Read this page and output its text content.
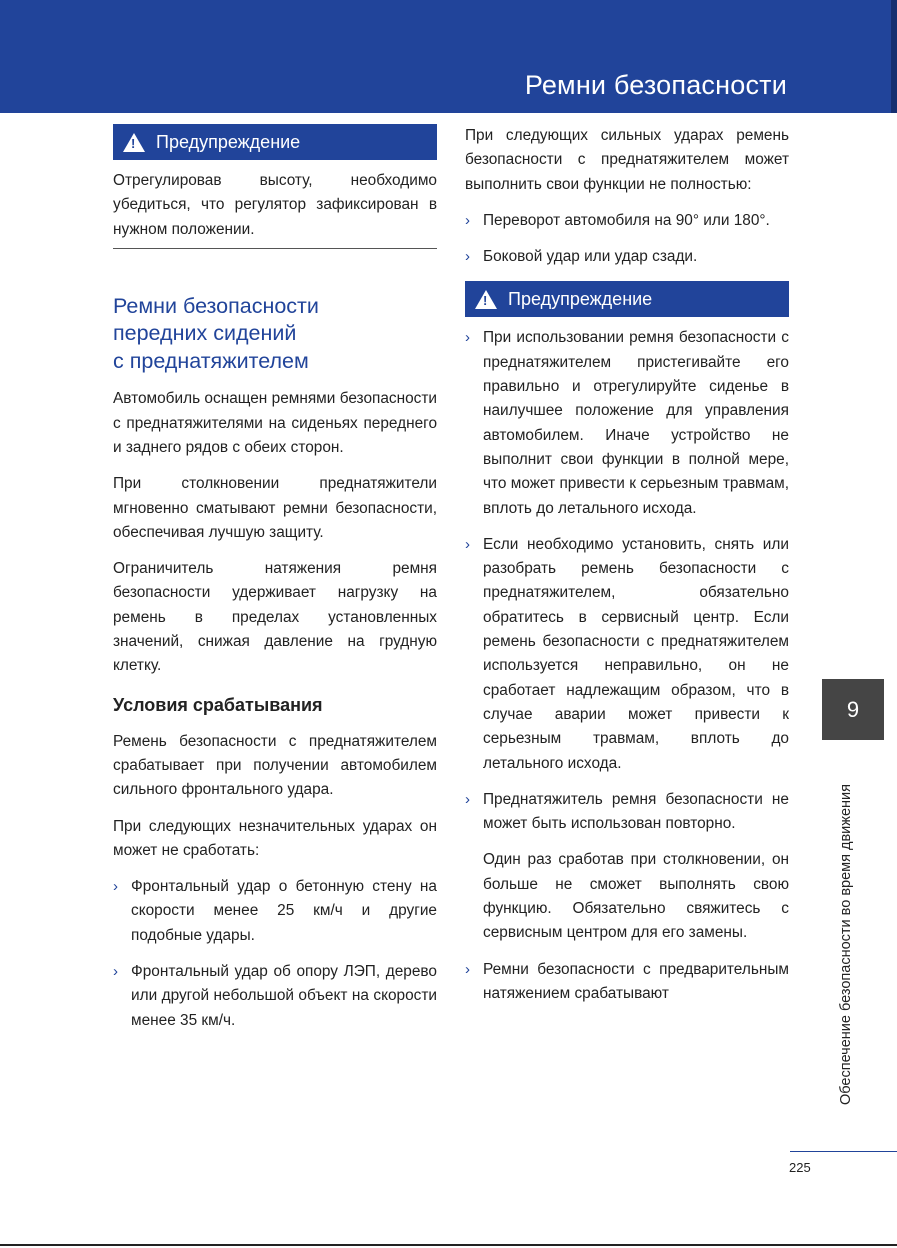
Ремни безопасности
! Предупреждение

Отрегулировав высоту, необходимо убедиться, что регулятор зафиксирован в нужном положении.

Ремни безопасности
передних сидений
с преднатяжителем

Автомобиль оснащен ремнями безопасности с преднатяжителями на сиденьях переднего и заднего рядов с обеих сторон.

При столкновении преднатяжители мгновенно сматывают ремни безопасности, обеспечивая лучшую защиту.

Ограничитель натяжения ремня безопасности удерживает нагрузку на ремень в пределах установленных значений, снижая давление на грудную клетку.

Условия срабатывания

Ремень безопасности с преднатяжителем срабатывает при получении автомобилем сильного фронтального удара.

При следующих незначительных ударах он может не сработать:

› Фронтальный удар о бетонную стену на скорости менее 25 км/ч и другие подобные удары.
› Фронтальный удар об опору ЛЭП, дерево или другой небольшой объект на скорости менее 35 км/ч.

При следующих сильных ударах ремень безопасности с преднатяжителем может выполнить свои функции не полностью:

› Переворот автомобиля на 90° или 180°.
› Боковой удар или удар сзади.
! Предупреждение
› При использовании ремня безопасности с преднатяжителем пристегивайте его правильно и отрегулируйте сиденье в наилучшее положение для управления автомобилем. Иначе устройство не выполнит свои функции в полной мере, что может привести к серьезным травмам, вплоть до летального исхода.
› Если необходимо установить, снять или разобрать ремень безопасности с преднатяжителем, обязательно обратитесь в сервисный центр. Если ремень безопасности с преднатяжителем используется неправильно, он не сработает надлежащим образом, что в случае аварии может привести к серьезным травмам, вплоть до летального исхода.
› Преднатяжитель ремня безопасности не может быть использован повторно.
Один раз сработав при столкновении, он больше не сможет выполнять свою функцию. Обязательно свяжитесь с сервисным центром для его замены.
› Ремни безопасности с предварительным натяжением срабатывают
9
Обеспечение безопасности во время движения
225
